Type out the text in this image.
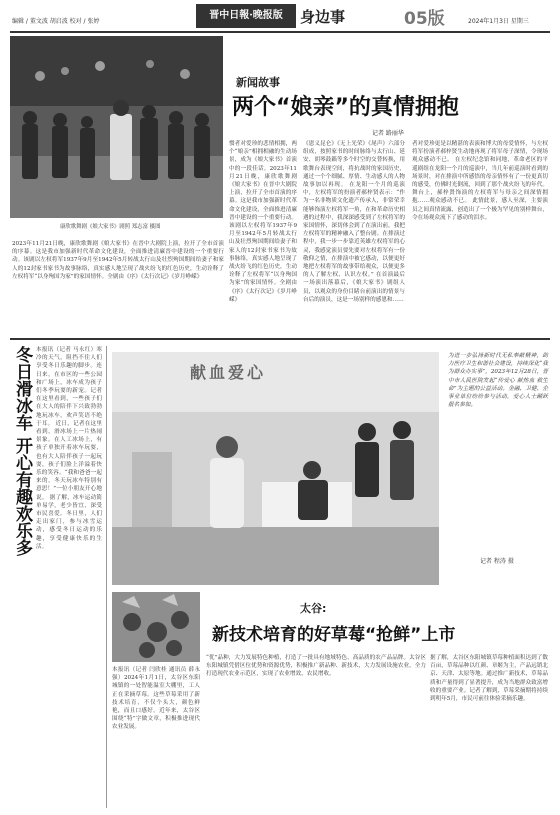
编辑 / 董文波 胡启波 校对 / 张婷
晋中日報·晚报版	身边事	05版	2024年1月3日 星期三
康欣歌舞剧《娘大家书》剧照 郑志富 摄图
新闻故事
两个“娘亲”的真情拥抱
记者 路丽华
惯者对爱珍的悲情相拥，两个“娘亲”相拥相融的生动场景，成为《娘大家书》首演中的一段佳话。2023年11月21日晚，康欣歌舞剧《娘大家书》在晋中大剧院上演，拉开了全市首演的序幕。这是我市加强新时代革命文化建设，全面推进清廉晋中建设的一个重要行动。该剧以左权将军1937年9月至1942年5月转战太行山及壮烈殉国期间给妻子和家人的12封家书家书为故事脉络，真实感人地呈现了战火纷飞的红色历史，生动诠释了左权将军“以身殉国为家”的家国情怀。全剧由《序》《太行次记》《岁月峥嵘》
2023年11月21日晚，康欣歌舞剧《娘大家书》在晋中大剧院上演，拉开了全市首演的序幕。这是我市加强新时代革命文化建设，全面推进清廉晋中建设的一个重要行动。该剧以左权将军1937年9月至1942年5月转战太行山及壮烈殉国期间给妻子和家人的12封家书家书为故事脉络，真实感人地呈现了战火纷飞的红色历史，生动诠释了左权将军“以身殉国为家”的家国情怀。全剧由《序》《太行次记》《岁月峥嵘》
《恩义昆仑》《无上光荣》《尾声》六部分组成，按照家书的时间脉络与太行山、延安、胡琴鼓籁等多个时空的交替转换，用歌舞台表现空间，将抗战时的家国历史，通过一个个细腻、厚情、生动感人的人物故事加以再现。 在龙阳一个月的巡演中，左权将军的扮演者郝梓贤表示：“作为一名非物质文化遗产传承人，非常荣幸能够饰演左权将军一角，在和革命历史相遇的过程中，我深深感受到了左权将军的家国情怀，深切体会到了在演出前，我把左权将军的精神融入了整台剧。在排演过程中，我一步一步靠近英雄左权将军的心灵，我感觉演员要先要对左权将军有一份敬仰之情，在排演中被它感动，以便更好地把左权将军的故事带给观众，以便更多的人了解左权、认识左权。” 在首演最后一场演出落幕后，《娘大家书》剧组人员，以观众的身份目睹台前演出的情景与台后的演员，这是一场别样的感恩和……
者对爱珍更是以精湛的表演和博大的母爱情怀，与左权将军扮演者郝梓贤生动地再现了将军母子深情，令现场观众感动不已。 在左权纪念馆和同地，革命老区的平遥剧组在龙阳一个月的巡演中，当几年前巡演时看到的场景时，对在排演中所感悟的母亲情怀有了一份更真切的感受，仿佛时光倒流，回到了那个战火纷飞的年代。 舞台上，郝梓贤饰演的左权将军与母亲之间深情拥抱……观众感动不已。 此情此景，感人至深，主要演员之间真情流露，创造出了一个极为罕见的别样舞台，令在场观众流下了感动的泪水。
冬日滑冰车 开心有趣欢乐多 本报讯（记者 马永红）寒冷的天气，阻挡不住人们享受冬日乐趣的脚步。连日来，在市区的一些公园和广场上，冰车成为孩子们冬季玩耍的新宠。记者在这里看到，一些孩子们在大人的陪伴下兴致勃勃地玩冰车，欢声笑语不绝于耳。 近日，记者在这里看到，滑冰场上一片热闹景象。在人工冰场上，有孩子单独开着冰车玩耍，也有大人陪伴孩子一起玩耍，孩子们脸上洋溢着快乐的笑容。“我和爸爸一起来的，冬天玩冰车特别有意思！”一位小朋友开心地说。 据了解，冰车运动简单易学，老少皆宜，深受市民喜爱。冬日里，人们走出家门，参与冰雪运动，感受冬日运动的乐趣，享受健康快乐的生活。
献血爱心
为进一步弘扬新时代无私奉献精神，助力医疗卫生和谐社会建设，持续深化“我为群众办实事”，2023年12月28日，晋中市人民医院发起“传爱心 献热血 救生命”为主题的公益活动。金融、卫健、企事业单位纷纷参与活动，爱心人士踊跃报名参加。
记者 程涛 摄
太谷:
新技术培育的好草莓“抢鲜”上市
本报讯（记者 闫欣桂 通讯员 薛永强）2024年1月1日，太谷区东阳城镇的一处智能温室大棚里，工人正在采摘草莓。这些草莓采用了新技术培育，不仅个头大，颜色鲜艳，而且口感好。近年来，太谷区围绕“特”字做文章，积极推进现代农业发展。
“优”品种，大力发展特色种植，打造了一批具有地域特色、高品质的农产品品牌。太谷区东阳城镇凭借区位优势和资源优势，积极推广新品种、新技术，大力发展设施农业，全力打造现代农业示范区，实现了农业增效、农民增收。
据了解，太谷区东阳城镇草莓种植面积达到了数百亩，草莓品种以红颜、章姬为主，产品远销北京、天津、太原等地。通过推广新技术，草莓品质和产量得到了显著提升，成为当地群众致富增收的重要产业。记者了解到，草莓采摘期将持续到明年5月，市民可前往体验采摘乐趣。
